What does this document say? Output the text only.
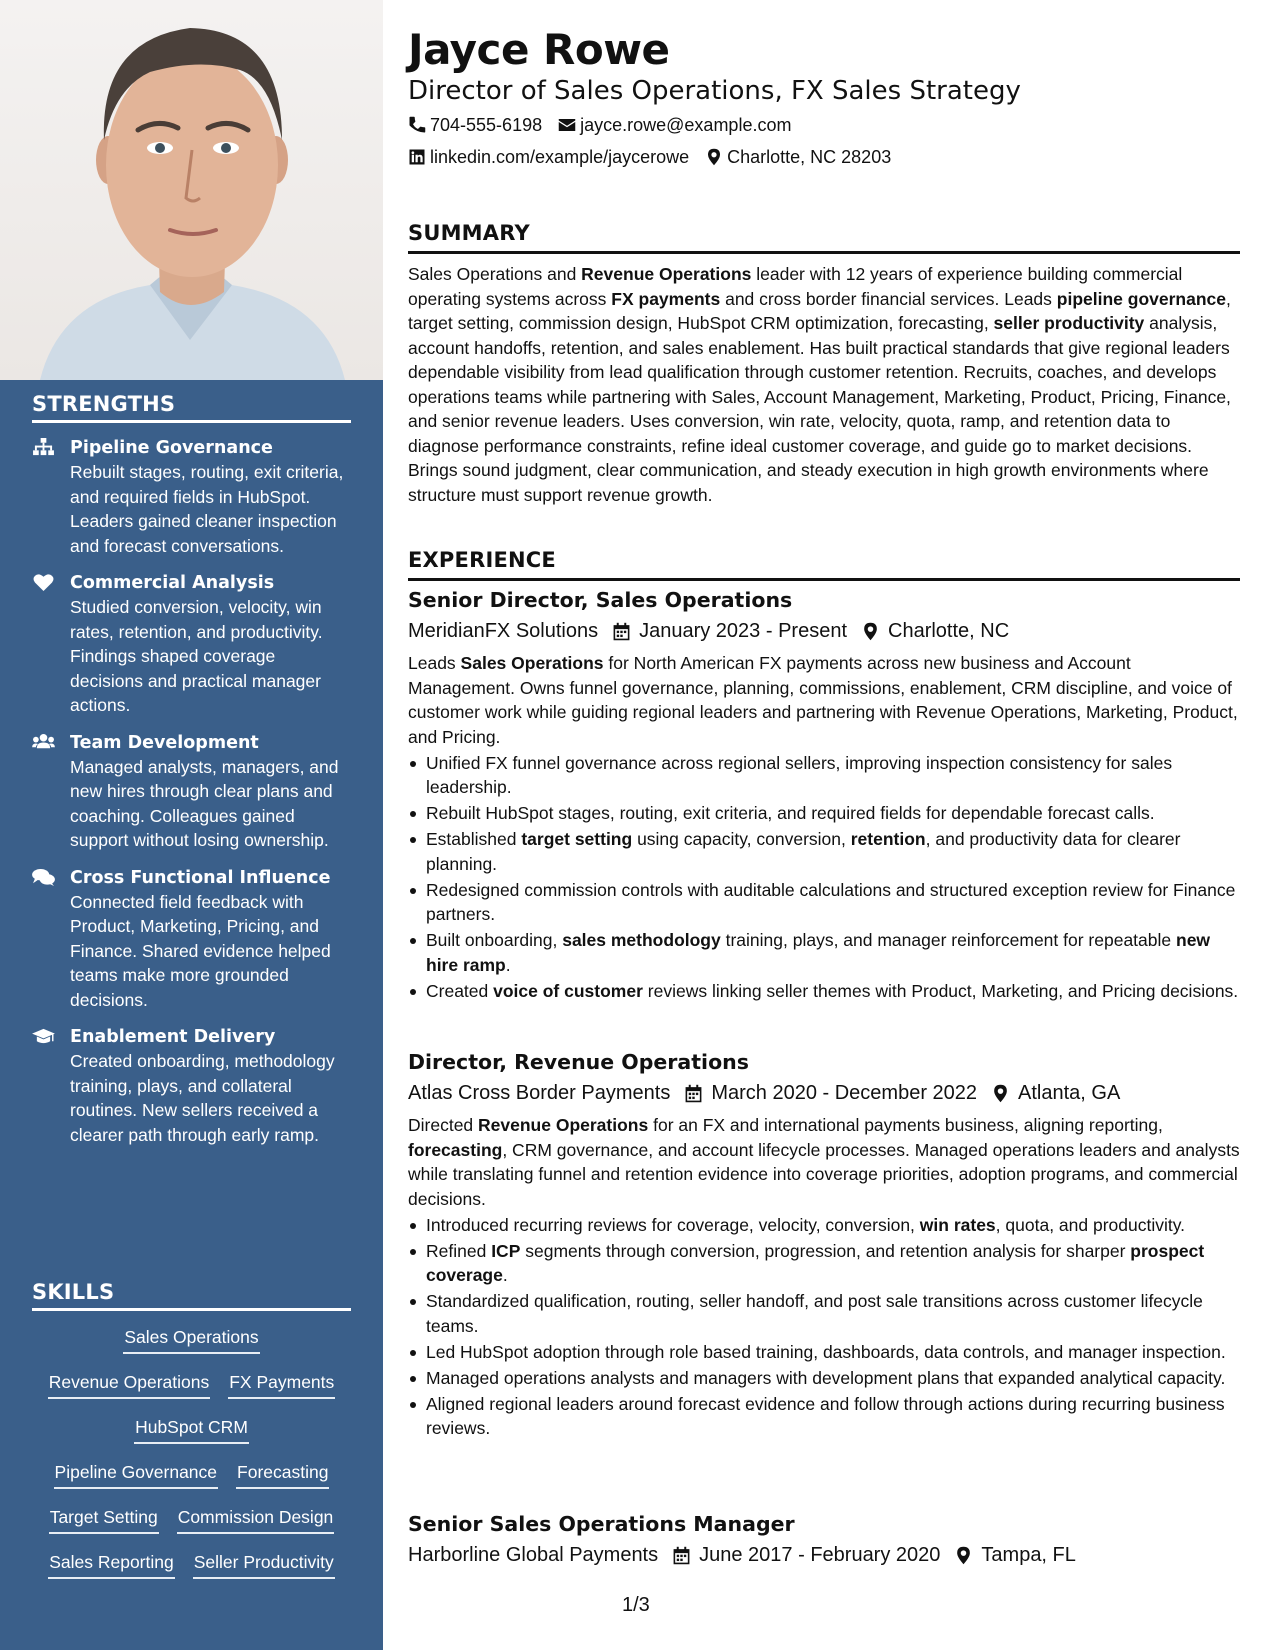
STRENGTHS
Pipeline Governance
Rebuilt stages, routing, exit criteria, and required fields in HubSpot. Leaders gained cleaner inspection and forecast conversations.
Commercial Analysis
Studied conversion, velocity, win rates, retention, and productivity. Findings shaped coverage decisions and practical manager actions.
Team Development
Managed analysts, managers, and new hires through clear plans and coaching. Colleagues gained support without losing ownership.
Cross Functional Influence
Connected field feedback with Product, Marketing, Pricing, and Finance. Shared evidence helped teams make more grounded decisions.
Enablement Delivery
Created onboarding, methodology training, plays, and collateral routines. New sellers received a clearer path through early ramp.
SKILLS
Sales Operations
Revenue Operations FX Payments
HubSpot CRM
Pipeline Governance Forecasting
Target Setting Commission Design
Sales Reporting Seller Productivity
Jayce Rowe
Director of Sales Operations, FX Sales Strategy
704-555-6198 jayce.rowe@example.com
linkedin.com/example/jaycerowe Charlotte, NC 28203
SUMMARY
Sales Operations and Revenue Operations leader with 12 years of experience building commercial operating systems across FX payments and cross border financial services. Leads pipeline governance, target setting, commission design, HubSpot CRM optimization, forecasting, seller productivity analysis, account handoffs, retention, and sales enablement. Has built practical standards that give regional leaders dependable visibility from lead qualification through customer retention. Recruits, coaches, and develops operations teams while partnering with Sales, Account Management, Marketing, Product, Pricing, Finance, and senior revenue leaders. Uses conversion, win rate, velocity, quota, ramp, and retention data to diagnose performance constraints, refine ideal customer coverage, and guide go to market decisions. Brings sound judgment, clear communication, and steady execution in high growth environments where structure must support revenue growth.
EXPERIENCE
Senior Director, Sales Operations
MeridianFX Solutions January 2023 - Present Charlotte, NC
Leads Sales Operations for North American FX payments across new business and Account Management. Owns funnel governance, planning, commissions, enablement, CRM discipline, and voice of customer work while guiding regional leaders and partnering with Revenue Operations, Marketing, Product, and Pricing.
Unified FX funnel governance across regional sellers, improving inspection consistency for sales leadership.
Rebuilt HubSpot stages, routing, exit criteria, and required fields for dependable forecast calls.
Established target setting using capacity, conversion, retention, and productivity data for clearer planning.
Redesigned commission controls with auditable calculations and structured exception review for Finance partners.
Built onboarding, sales methodology training, plays, and manager reinforcement for repeatable new hire ramp.
Created voice of customer reviews linking seller themes with Product, Marketing, and Pricing decisions.
Director, Revenue Operations
Atlas Cross Border Payments March 2020 - December 2022 Atlanta, GA
Directed Revenue Operations for an FX and international payments business, aligning reporting, forecasting, CRM governance, and account lifecycle processes. Managed operations leaders and analysts while translating funnel and retention evidence into coverage priorities, adoption programs, and commercial decisions.
Introduced recurring reviews for coverage, velocity, conversion, win rates, quota, and productivity.
Refined ICP segments through conversion, progression, and retention analysis for sharper prospect coverage.
Standardized qualification, routing, seller handoff, and post sale transitions across customer lifecycle teams.
Led HubSpot adoption through role based training, dashboards, data controls, and manager inspection.
Managed operations analysts and managers with development plans that expanded analytical capacity.
Aligned regional leaders around forecast evidence and follow through actions during recurring business reviews.
Senior Sales Operations Manager
Harborline Global Payments June 2017 - February 2020 Tampa, FL
1/3
